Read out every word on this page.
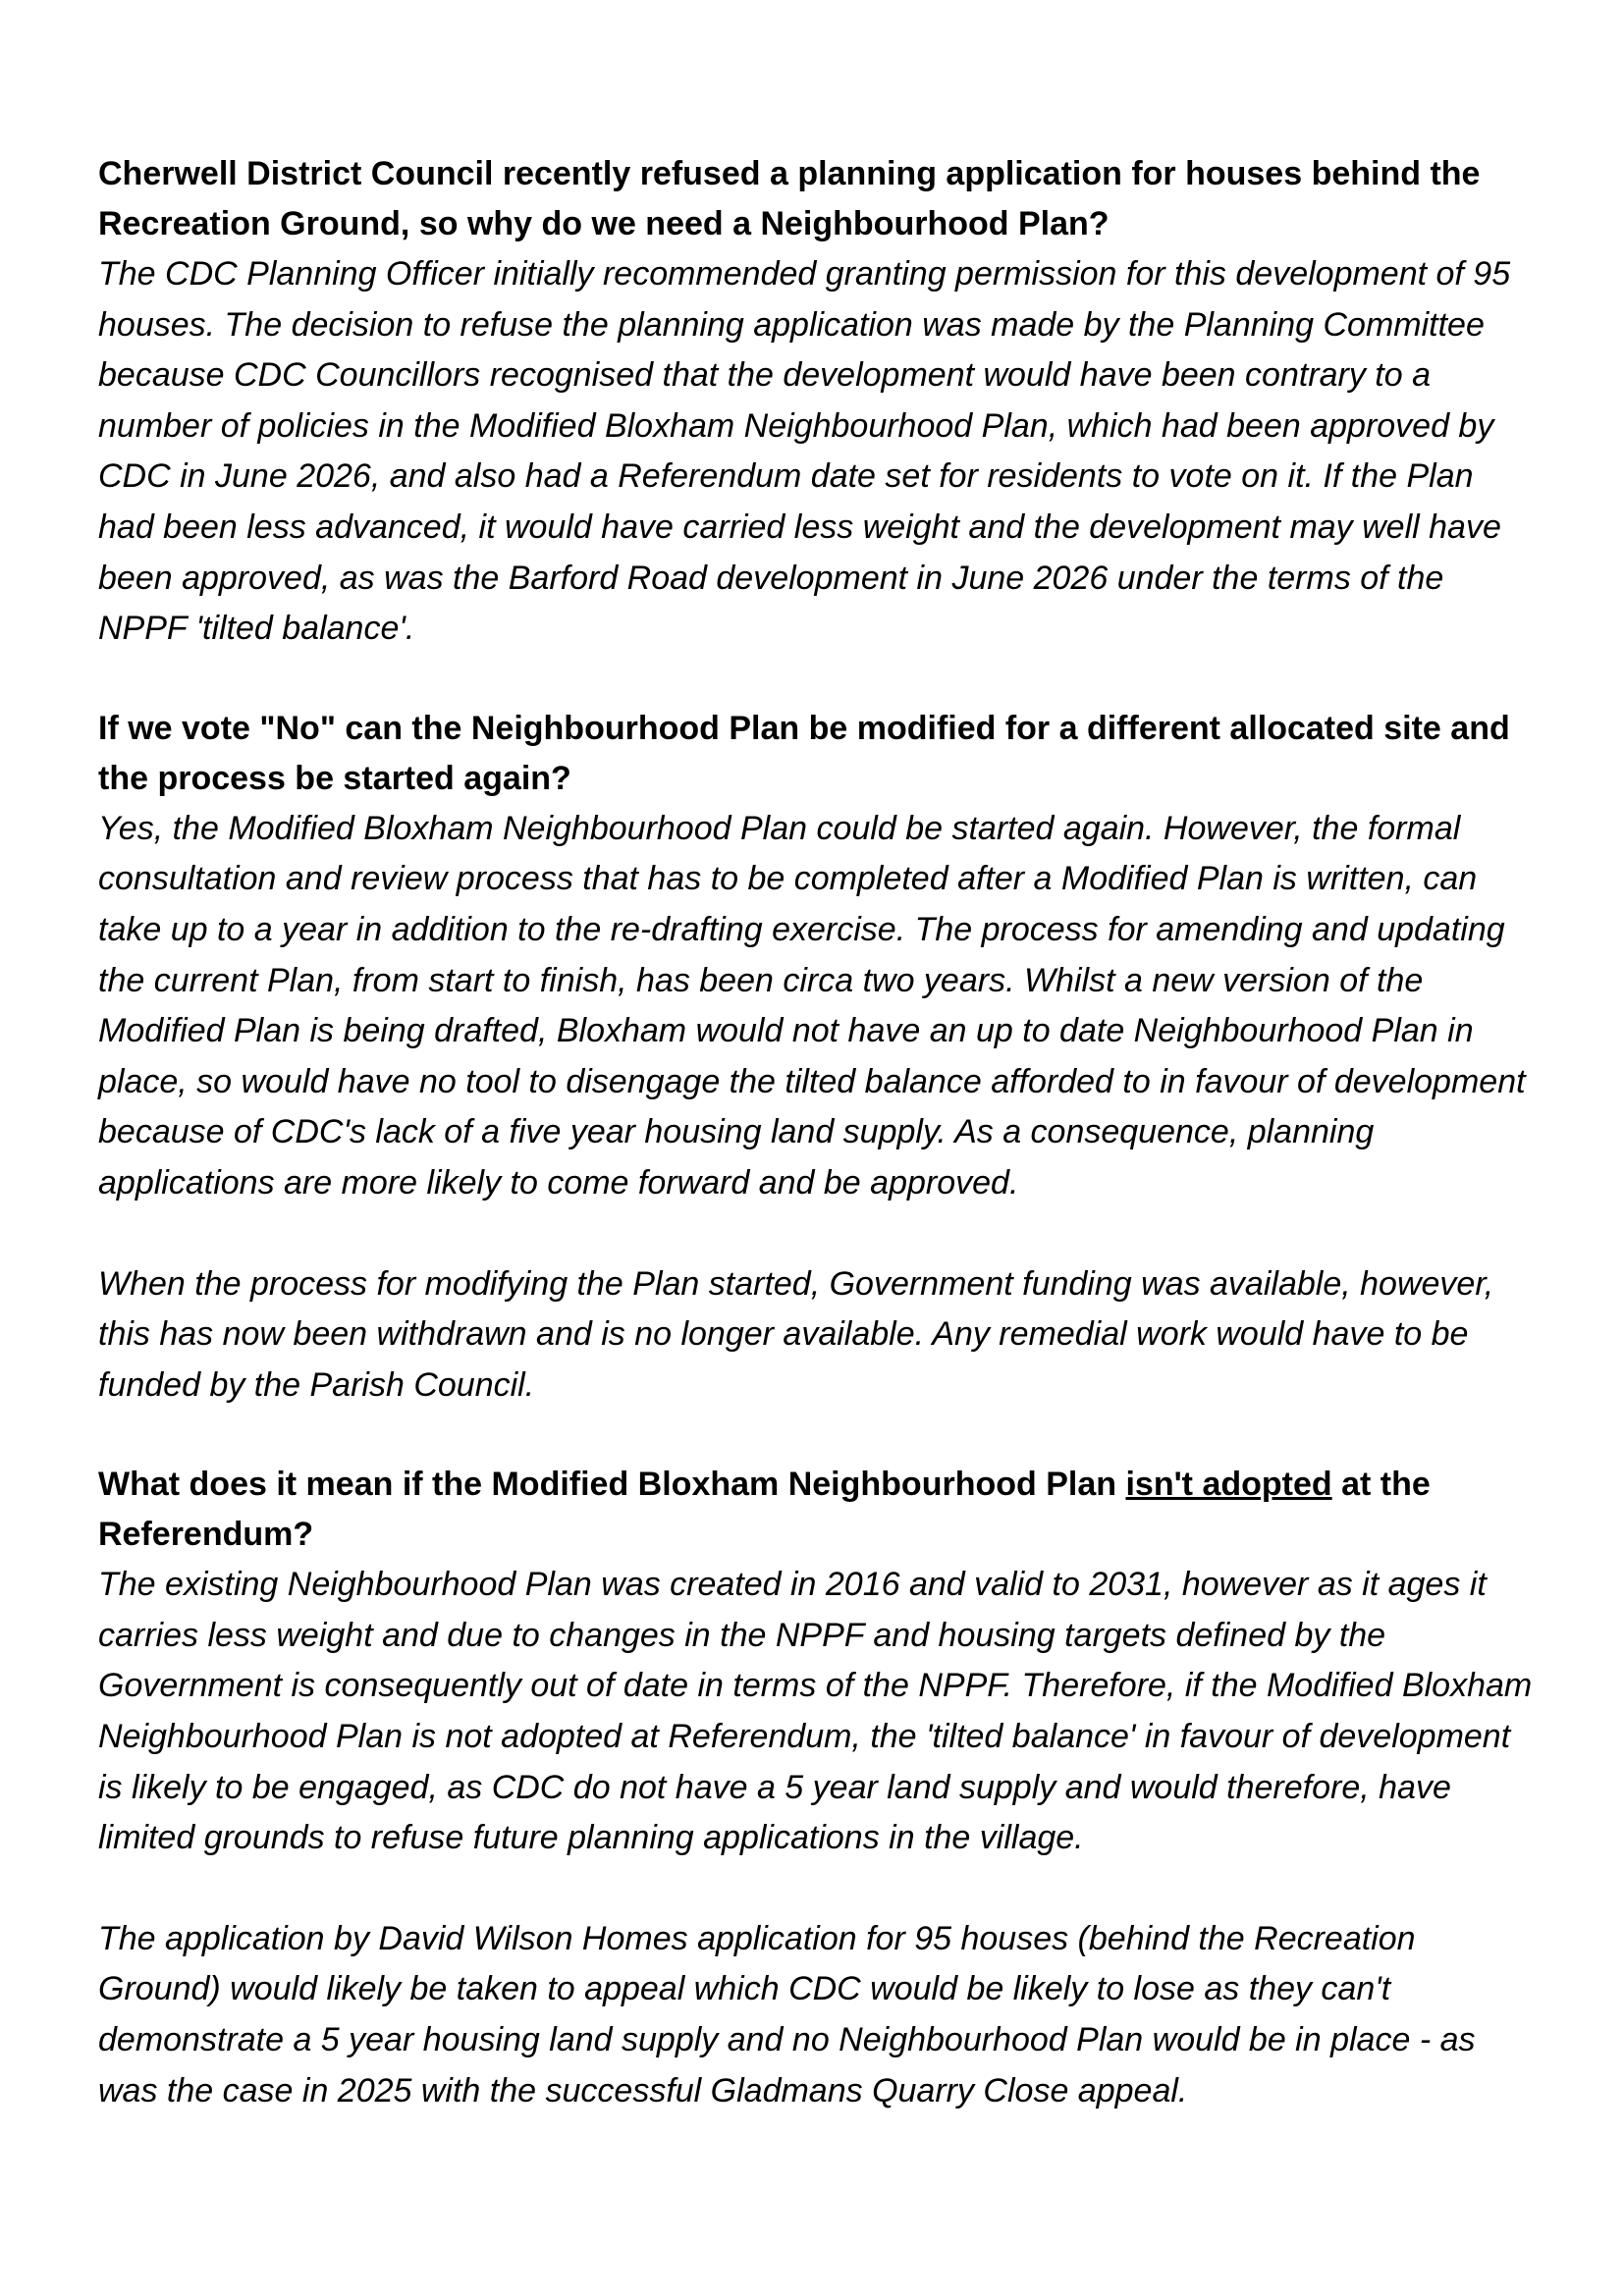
Cherwell District Council recently refused a planning application for houses behind the Recreation Ground, so why do we need a Neighbourhood Plan?

The CDC Planning Officer initially recommended granting permission for this development of 95 houses. The decision to refuse the planning application was made by the Planning Committee because CDC Councillors recognised that the development would have been contrary to a number of policies in the Modified Bloxham Neighbourhood Plan, which had been approved by CDC in June 2026, and also had a Referendum date set for residents to vote on it. If the Plan had been less advanced, it would have carried less weight and the development may well have been approved, as was the Barford Road development in June 2026 under the terms of the NPPF 'tilted balance'.

If we vote "No" can the Neighbourhood Plan be modified for a different allocated site and the process be started again?

Yes, the Modified Bloxham Neighbourhood Plan could be started again. However, the formal consultation and review process that has to be completed after a Modified Plan is written, can take up to a year in addition to the re-drafting exercise. The process for amending and updating the current Plan, from start to finish, has been circa two years. Whilst a new version of the Modified Plan is being drafted, Bloxham would not have an up to date Neighbourhood Plan in place, so would have no tool to disengage the tilted balance afforded to in favour of development because of CDC's lack of a five year housing land supply. As a consequence, planning applications are more likely to come forward and be approved.

When the process for modifying the Plan started, Government funding was available, however, this has now been withdrawn and is no longer available. Any remedial work would have to be funded by the Parish Council.

What does it mean if the Modified Bloxham Neighbourhood Plan isn't adopted at the Referendum?

The existing Neighbourhood Plan was created in 2016 and valid to 2031, however as it ages it carries less weight and due to changes in the NPPF and housing targets defined by the Government is consequently out of date in terms of the NPPF. Therefore, if the Modified Bloxham Neighbourhood Plan is not adopted at Referendum, the 'tilted balance' in favour of development is likely to be engaged, as CDC do not have a 5 year land supply and would therefore, have limited grounds to refuse future planning applications in the village.

The application by David Wilson Homes application for 95 houses (behind the Recreation Ground) would likely be taken to appeal which CDC would be likely to lose as they can't demonstrate a 5 year housing land supply and no Neighbourhood Plan would be in place - as was the case in 2025 with the successful Gladmans Quarry Close appeal.
